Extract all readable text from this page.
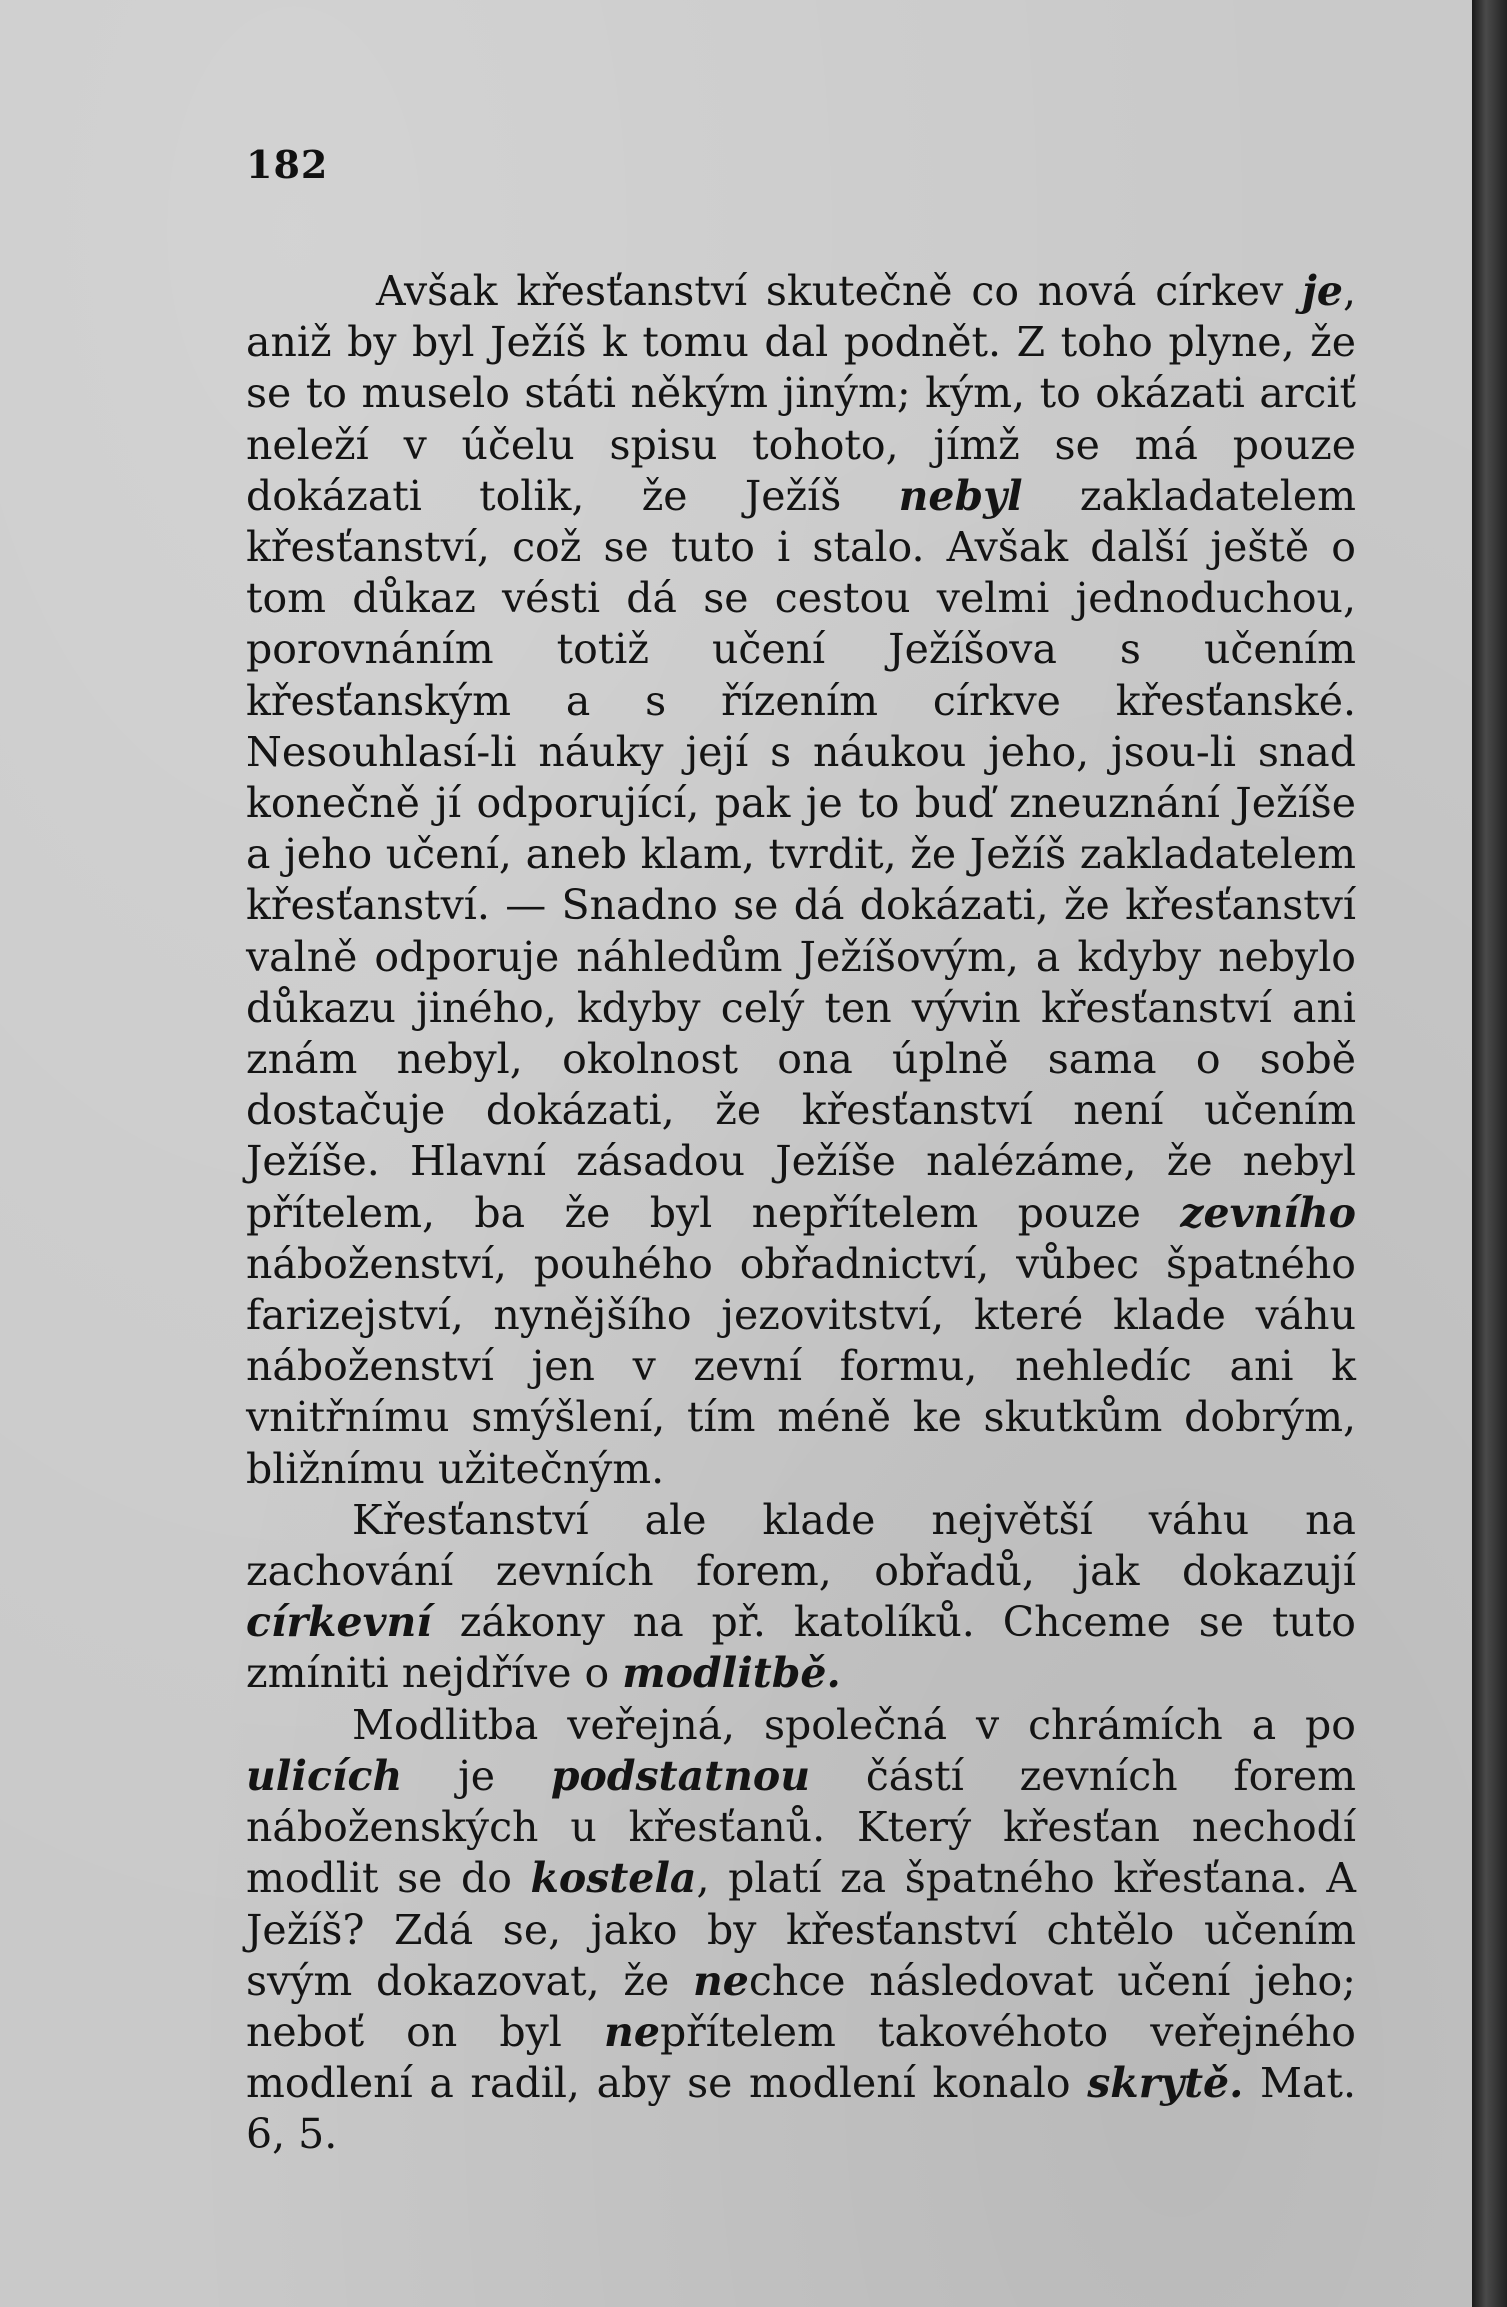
182

Avšak křesťanství skutečně co nová církev je, aniž by byl Ježíš k tomu dal podnět. Z toho plyne, že se to muselo státi někým jiným; kým, to okázati arciť neleží v účelu spisu tohoto, jímž se má pouze dokázati tolik, že Ježíš nebyl zakladatelem křesťanství, což se tuto i stalo. Avšak další ještě o tom důkaz vésti dá se cestou velmi jednoduchou, porovnáním totiž učení Ježíšova s učením křesťanským a s řízením církve křesťanské. Nesouhlasí-li náuky její s náukou jeho, jsou-li snad konečně jí odporující, pak je to buď zneuznání Ježíše a jeho učení, aneb klam, tvrdit, že Ježíš zakladatelem křesťanství. — Snadno se dá dokázati, že křesťanství valně odporuje náhledům Ježíšovým, a kdyby nebylo důkazu jiného, kdyby celý ten vývin křesťanství ani znám nebyl, okolnost ona úplně sama o sobě dostačuje dokázati, že křesťanství není učením Ježíše. Hlavní zásadou Ježíše nalézáme, že nebyl přítelem, ba že byl nepřítelem pouze zevního náboženství, pouhého obřadnictví, vůbec špatného farizejství, nynějšího jezovitství, které klade váhu náboženství jen v zevní formu, nehledíc ani k vnitřnímu smýšlení, tím méně ke skutkům dobrým, bližnímu užitečným.

Křesťanství ale klade největší váhu na zachování zevních forem, obřadů, jak dokazují církevní zákony na př. katolíků. Chceme se tuto zmíniti nejdříve o modlitbě.

Modlitba veřejná, společná v chrámích a po ulicích je podstatnou částí zevních forem náboženských u křesťanů. Který křesťan nechodí modlit se do kostela, platí za špatného křesťana. A Ježíš? Zdá se, jako by křesťanství chtělo učením svým dokazovat, že nechce následovat učení jeho; neboť on byl nepřítelem takovéhoto veřejného modlení a radil, aby se modlení konalo skrytě. Mat. 6, 5.
